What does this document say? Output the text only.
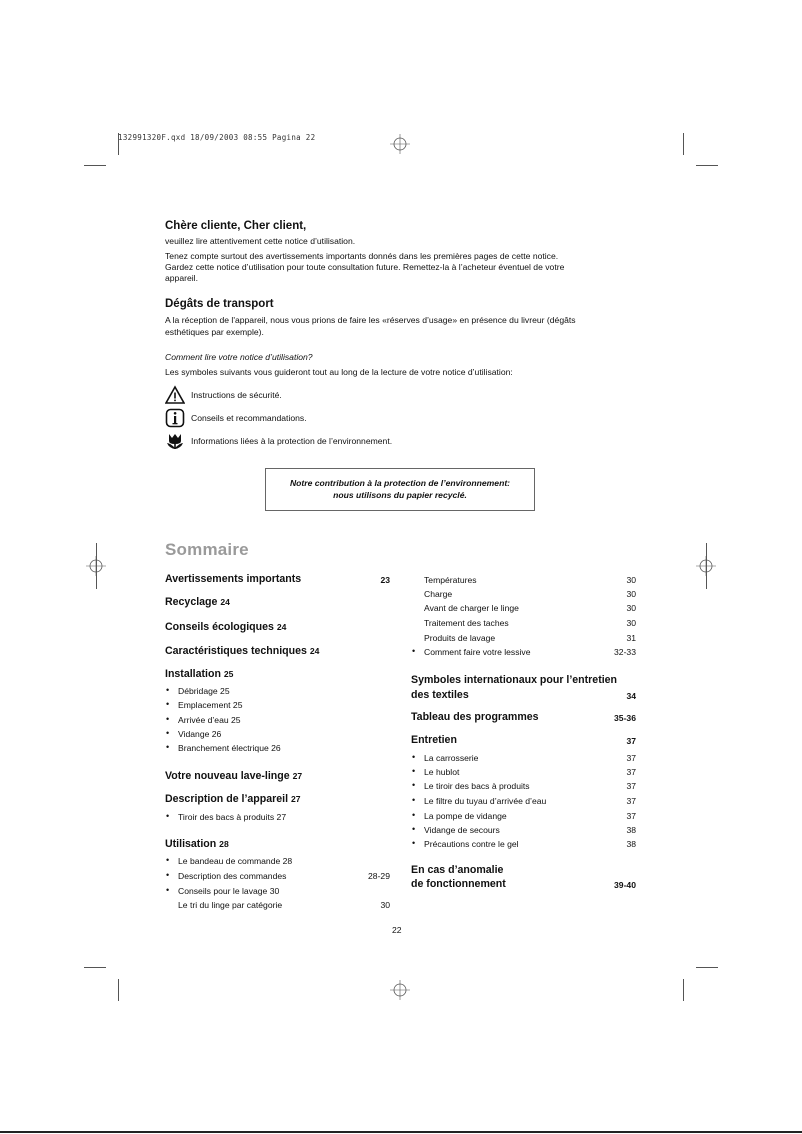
132991320F.qxd 18/09/2003 08:55 Pagina 22
Chère cliente, Cher client,
veuillez lire attentivement cette notice d’utilisation.
Tenez compte surtout des avertissements importants donnés dans les premières pages de cette notice.
Gardez cette notice d’utilisation pour toute consultation future. Remettez-la à l’acheteur éventuel de votre
appareil.
Dégâts de transport
A la réception de l'appareil, nous vous prions de faire les «réserves d’usage» en présence du livreur (dégâts
esthétiques par exemple).
Comment lire votre notice d’utilisation?
Les symboles suivants vous guideront tout au long de la lecture de votre notice d’utilisation:
Instructions de sécurité.
Conseils et recommandations.
Informations liées à la protection de l’environnement.
Notre contribution à la protection de l’environnement:
nous utilisons du papier recyclé.
Sommaire
Avertissements importants	23
Recyclage 24
Conseils écologiques 24
Caractéristiques techniques 24
Installation 25
• Débridage 25
• Emplacement 25
• Arrivée d’eau 25
• Vidange 26
• Branchement électrique 26
Votre nouveau lave-linge 27
Description de l’appareil 27
• Tiroir des bacs à produits 27
Utilisation 28
• Le bandeau de commande 28
• Description des commandes	28-29
• Conseils pour le lavage 30
Le tri du linge par catégorie	30
Températures	30
Charge	30
Avant de charger le linge	30
Traitement des taches	30
Produits de lavage	31
• Comment faire votre lessive	32-33
Symboles internationaux pour l’entretien
des textiles	34
Tableau des programmes	35-36
Entretien	37
• La carrosserie	37
• Le hublot	37
• Le tiroir des bacs à produits	37
• Le filtre du tuyau d’arrivée d’eau	37
• La pompe de vidange	37
• Vidange de secours	38
• Précautions contre le gel	38
En cas d’anomalie
de fonctionnement	39-40
22
